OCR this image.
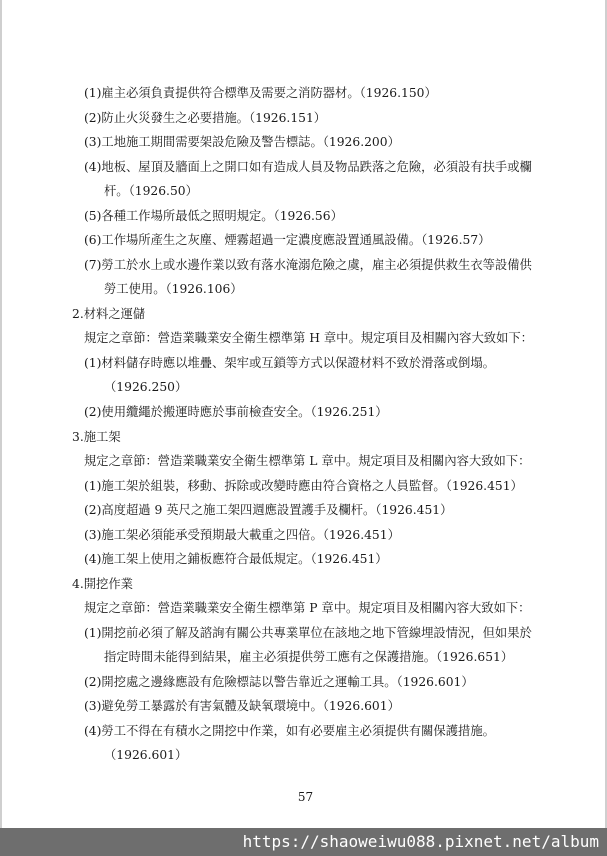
(1)雇主必須負責提供符合標準及需要之消防器材。（1926.150）
(2)防止火災發生之必要措施。（1926.151）
(3)工地施工期間需要架設危險及警告標誌。（1926.200）
(4)地板、屋頂及牆面上之開口如有造成人員及物品跌落之危險，必須設有扶手或欄
杆。（1926.50）
(5)各種工作場所最低之照明規定。（1926.56）
(6)工作場所產生之灰塵、煙霧超過一定濃度應設置通風設備。（1926.57）
(7)勞工於水上或水邊作業以致有落水淹溺危險之虞，雇主必須提供救生衣等設備供
勞工使用。（1926.106）
2.材料之運儲
規定之章節：營造業職業安全衛生標準第 H 章中。規定項目及相關內容大致如下：
(1)材料儲存時應以堆疊、架牢或互鎖等方式以保證材料不致於滑落或倒塌。
（1926.250）
(2)使用纜繩於搬運時應於事前檢查安全。（1926.251）
3.施工架
規定之章節：營造業職業安全衛生標準第 L 章中。規定項目及相關內容大致如下：
(1)施工架於組裝，移動、拆除或改變時應由符合資格之人員監督。（1926.451）
(2)高度超過 9 英尺之施工架四週應設置護手及欄杆。（1926.451）
(3)施工架必須能承受預期最大載重之四倍。（1926.451）
(4)施工架上使用之鋪板應符合最低規定。（1926.451）
4.開挖作業
規定之章節：營造業職業安全衛生標準第 P 章中。規定項目及相關內容大致如下：
(1)開挖前必須了解及諮詢有關公共專業單位在該地之地下管線埋設情況，但如果於
指定時間未能得到結果，雇主必須提供勞工應有之保護措施。（1926.651）
(2)開挖處之邊緣應設有危險標誌以警告靠近之運輸工具。（1926.601）
(3)避免勞工暴露於有害氣體及缺氧環境中。（1926.601）
(4)勞工不得在有積水之開挖中作業，如有必要雇主必須提供有關保護措施。
（1926.601）
57
https://shaoweiwu088.pixnet.net/album
